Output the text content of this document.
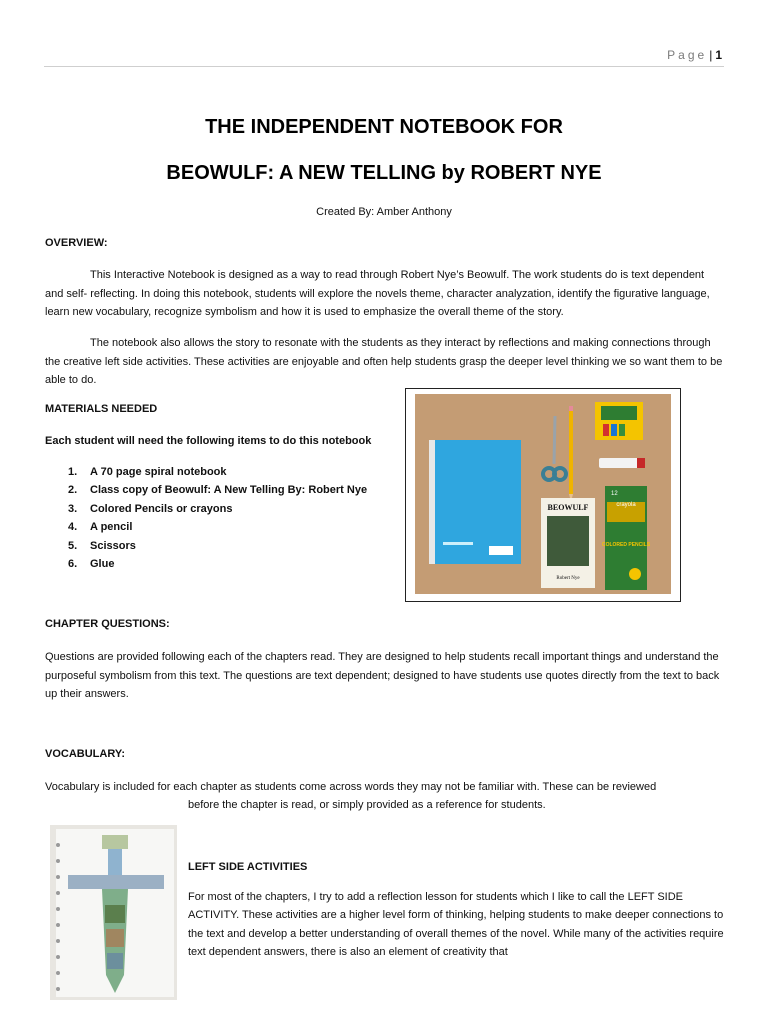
Page | 1
THE INDEPENDENT NOTEBOOK FOR
BEOWULF: A NEW TELLING by ROBERT NYE
Created By: Amber Anthony
OVERVIEW:
This Interactive Notebook is designed as a way to read through Robert Nye’s Beowulf. The work students do is text dependent and self- reflecting. In doing this notebook, students will explore the novels theme, character analyzation, identify the figurative language, learn new vocabulary, recognize symbolism and how it is used to emphasize the overall theme of the story.
The notebook also allows the story to resonate with the students as they interact by reflections and making connections through the creative left side activities. These activities are enjoyable and often help students grasp the deeper level thinking we so want them to be able to do.
MATERIALS NEEDED
Each student will need the following items to do this notebook
1.	A 70 page spiral notebook
2.	Class copy of Beowulf: A New Telling By: Robert Nye
3.	Colored Pencils or crayons
4.	A pencil
5.	Scissors
6.	Glue
BEOWULF
Robert Nye
12
crayola
COLORED PENCILS
CHAPTER QUESTIONS:
Questions are provided following each of the chapters read. They are designed to help students recall important things and understand the purposeful symbolism from this text. The questions are text dependent; designed to have students use quotes directly from the text to back up their answers.
VOCABULARY:
Vocabulary is included for each chapter as students come across words they may not be familiar with. These can be reviewed
before the chapter is read, or simply provided as a reference for students.
LEFT SIDE ACTIVITIES
For most of the chapters, I try to add a reflection lesson for students which I like to call the LEFT SIDE ACTIVITY. These activities are a higher level form of thinking, helping students to make deeper connections to the text and develop a better understanding of overall themes of the novel. While many of the activities require text dependent answers, there is also an element of creativity that
